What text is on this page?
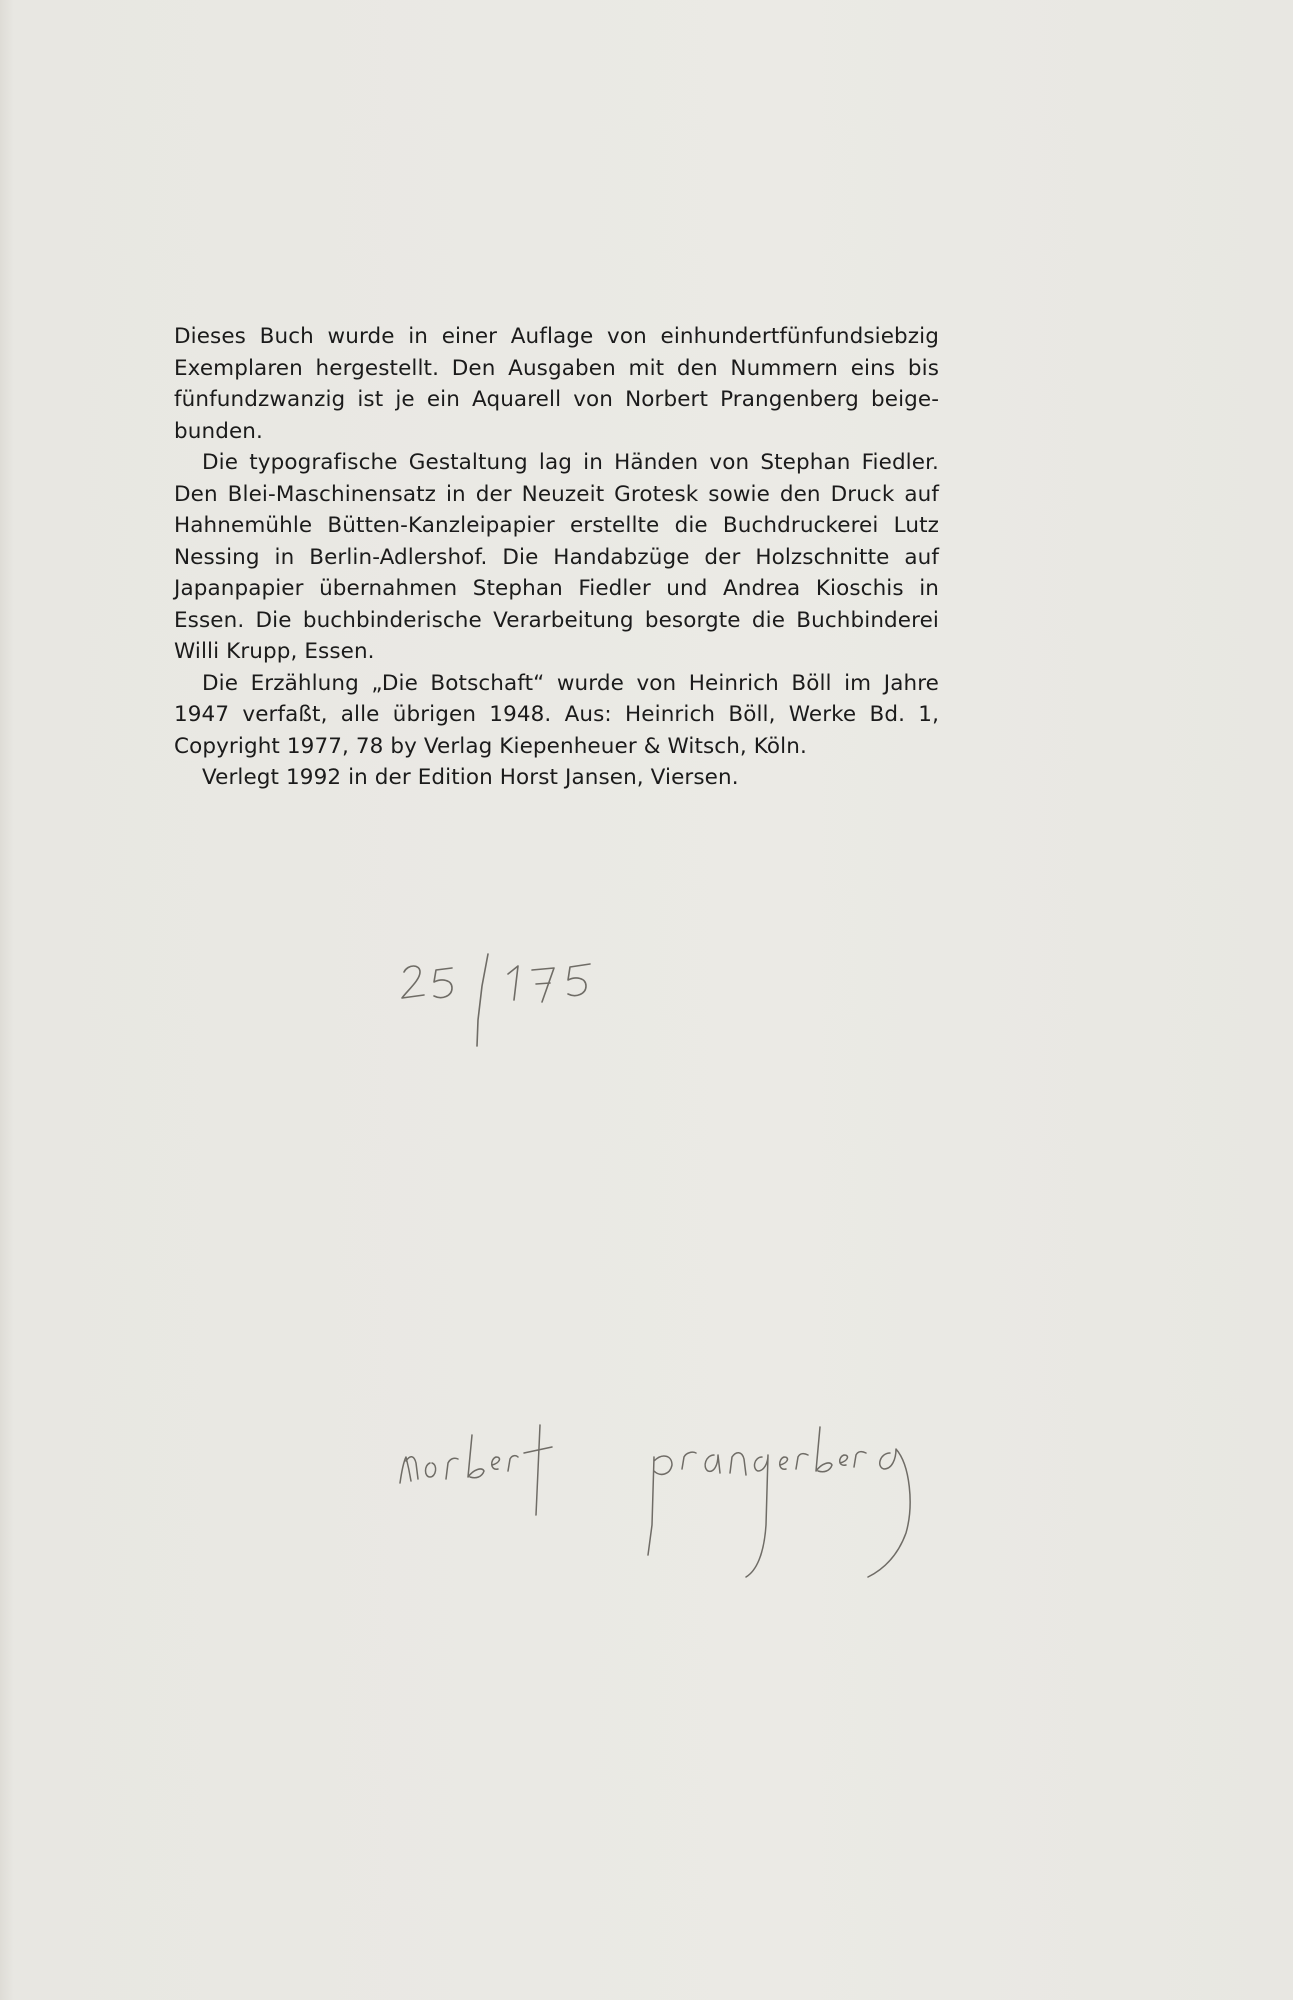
Dieses Buch wurde in einer Auflage von einhundertfünfundsiebzig Exemplaren hergestellt. Den Ausgaben mit den Nummern eins bis fünfundzwanzig ist je ein Aquarell von Norbert Prangenberg beigebunden.

Die typografische Gestaltung lag in Händen von Stephan Fiedler. Den Blei-Maschinensatz in der Neuzeit Grotesk sowie den Druck auf Hahnemühle Bütten-Kanzleipapier erstellte die Buchdruckerei Lutz Nessing in Berlin-Adlershof. Die Handabzüge der Holzschnitte auf Japanpapier übernahmen Stephan Fiedler und Andrea Kioschis in Essen. Die buchbinderische Verarbeitung besorgte die Buchbinderei Willi Krupp, Essen.

Die Erzählung „Die Botschaft“ wurde von Heinrich Böll im Jahre 1947 verfaßt, alle übrigen 1948. Aus: Heinrich Böll, Werke Bd. 1, Copyright 1977, 78 by Verlag Kiepenheuer & Witsch, Köln.

Verlegt 1992 in der Edition Horst Jansen, Viersen.
